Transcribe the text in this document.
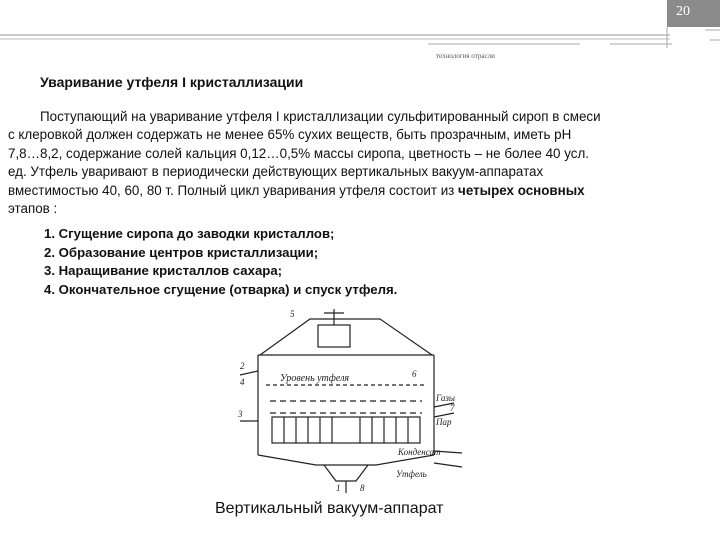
20
технология отрасли
Уваривание утфеля I кристаллизации
Поступающий на уваривание утфеля I кристаллизации сульфитированный сироп в смеси
с клеровкой должен содержать не менее 65% сухих веществ, быть прозрачным, иметь рН
7,8…8,2, содержание солей кальция 0,12…0,5% массы сиропа, цветность – не более 40 усл.
ед. Утфель уваривают в периодически действующих вертикальных вакуум-аппаратах
вместимостью 40, 60, 80 т. Полный цикл уваривания утфеля состоит из четырех основных
этапов :
1. Сгущение сиропа до заводки кристаллов;
2. Образование центров кристаллизации;
3. Наращивание кристаллов сахара;
4. Окончательное сгущение (отварка) и спуск утфеля.
Уровень утфеля
Газы
Пар
Конденсат
Утфель
1
2
3
4
5
6
7
8
Вертикальный вакуум-аппарат
